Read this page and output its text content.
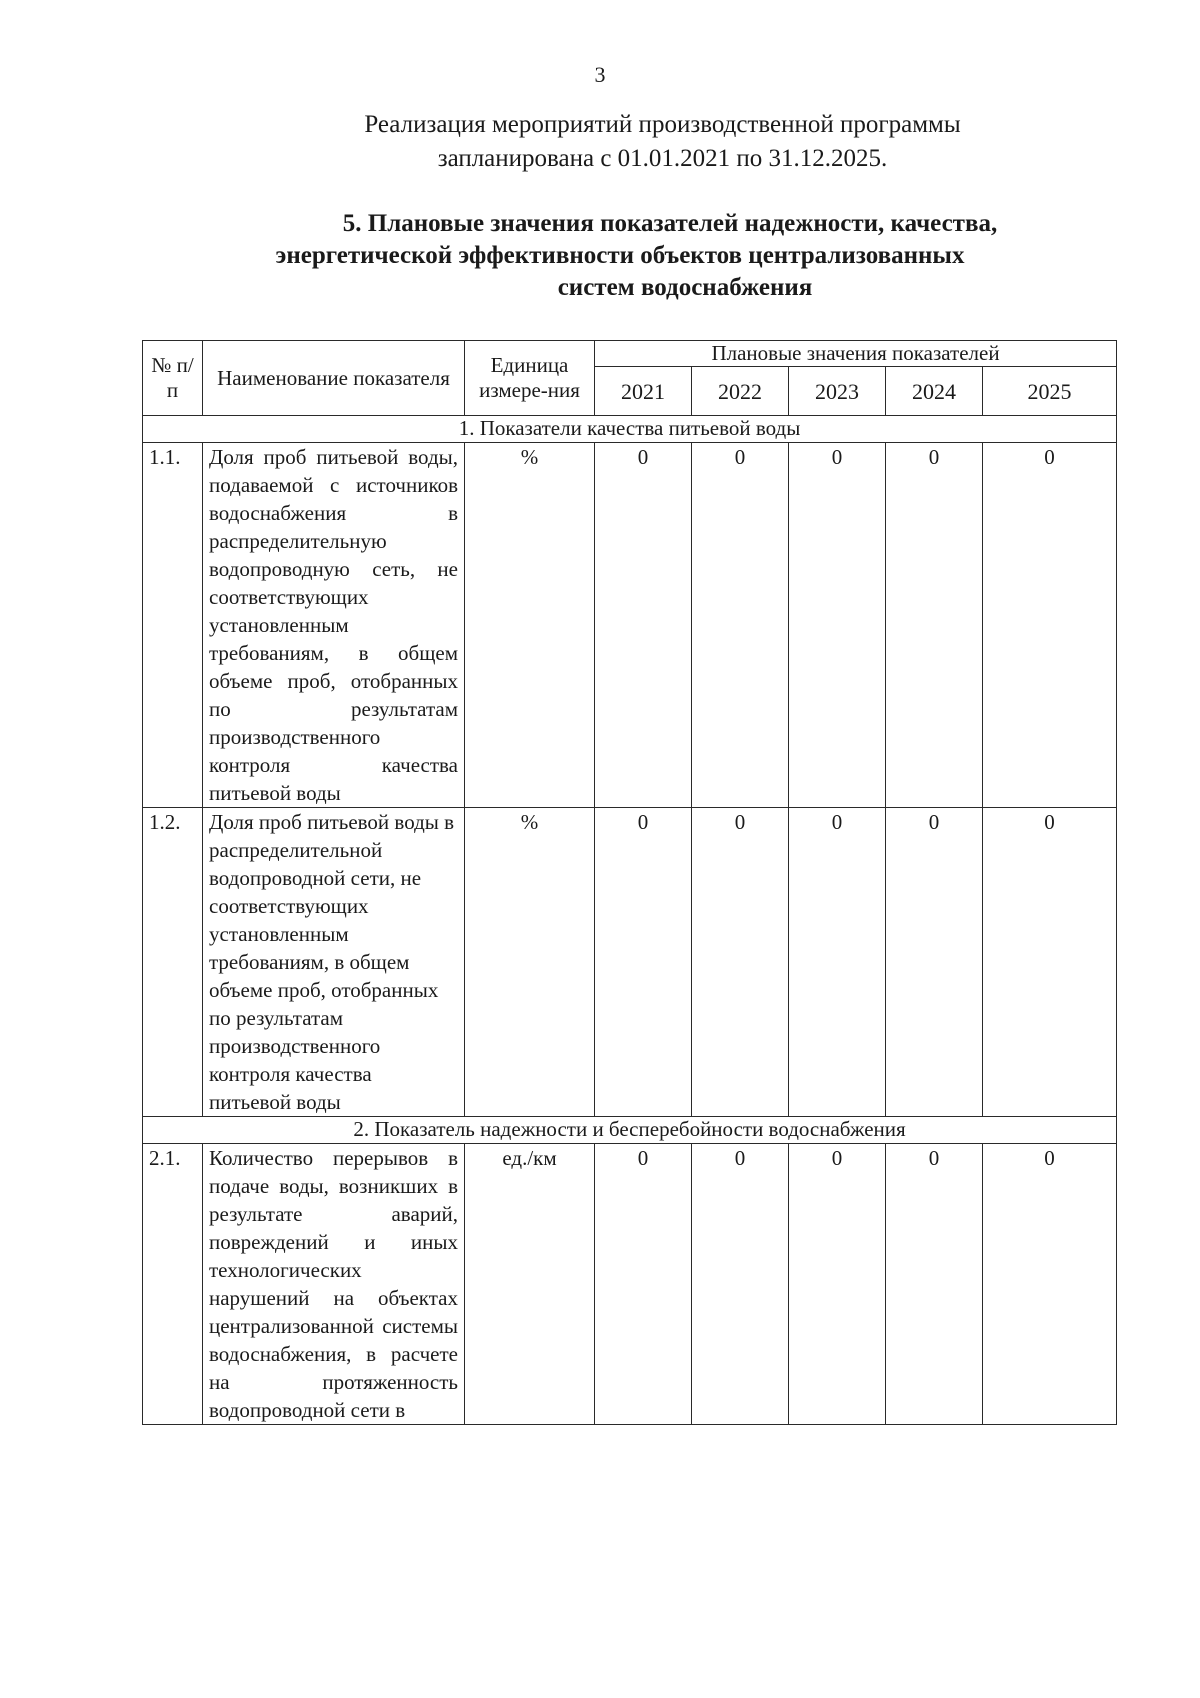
3
Реализация мероприятий производственной программы
запланирована с 01.01.2021 по 31.12.2025.
5. Плановые значения показателей надежности, качества,
энергетической эффективности объектов централизованных
систем водоснабжения
№ п/п	Наименование показателя	Единица измере-ния	Плановые значения показателей				
			2021	2022	2023	2024	2025
1. Показатели качества питьевой воды							
1.1.	Доля проб питьевой воды, подаваемой с источников водоснабжения в распределительную водопроводную сеть, не соответствующих установленным требованиям, в общем объеме проб, отобранных по результатам производственного контроля качества питьевой воды	%	0	0	0	0	0
1.2.	Доля проб питьевой воды в распределительной водопроводной сети, не соответствующих установленным требованиям, в общем объеме проб, отобранных по результатам производственного контроля качества питьевой воды	%	0	0	0	0	0
2. Показатель надежности и бесперебойности водоснабжения							
2.1.	Количество перерывов в подаче воды, возникших в результате аварий, повреждений и иных технологических нарушений на объектах централизованной системы водоснабжения, в расчете на протяженность водопроводной сети в	ед./км	0	0	0	0	0
